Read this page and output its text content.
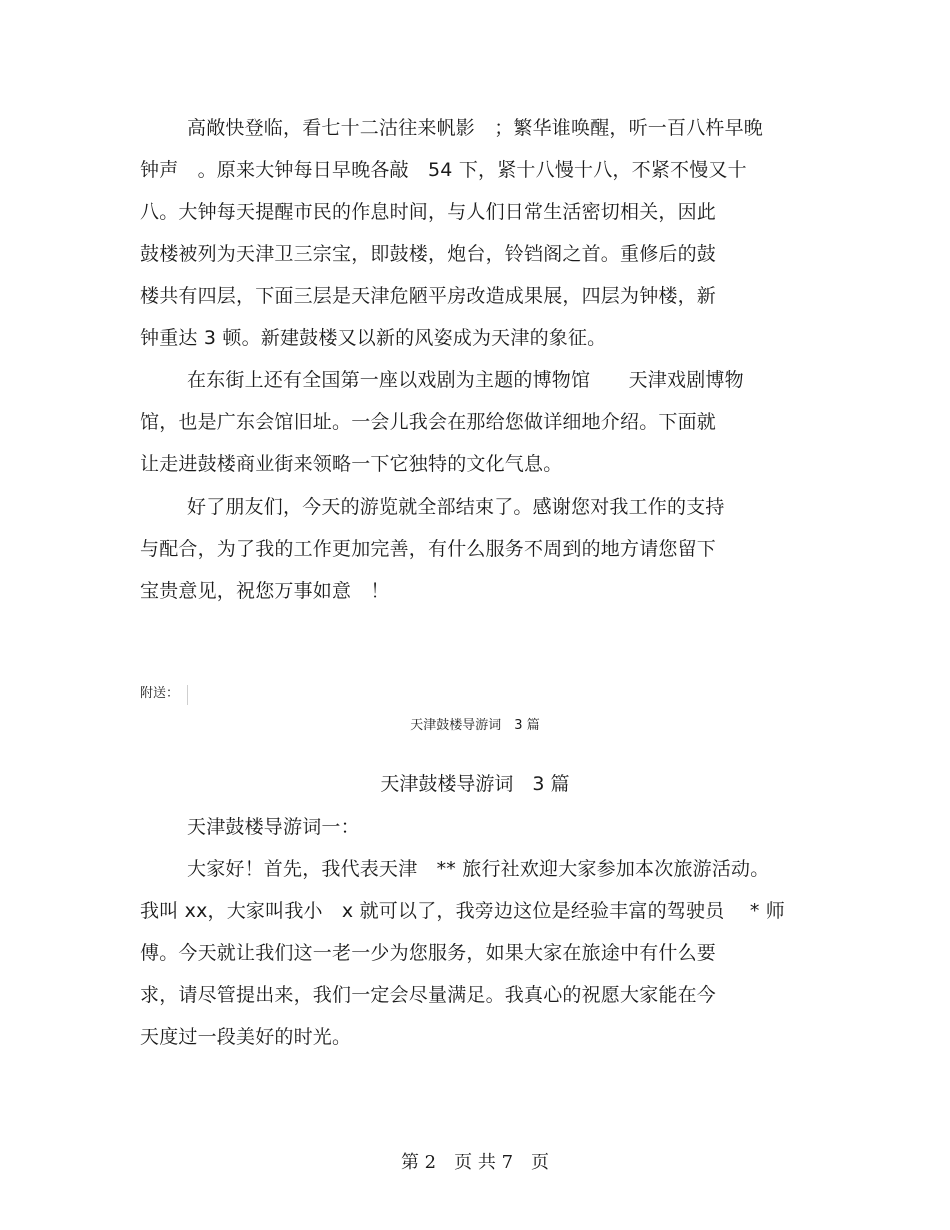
高敞快登临，看七十二沽往来帆影　；繁华谁唤醒，听一百八杵早晚
钟声　。原来大钟每日早晚各敲　54 下，紧十八慢十八，不紧不慢又十
八。大钟每天提醒市民的作息时间，与人们日常生活密切相关，因此
鼓楼被列为天津卫三宗宝，即鼓楼，炮台，铃铛阁之首。重修后的鼓
楼共有四层，下面三层是天津危陋平房改造成果展，四层为钟楼，新
钟重达 3 顿。新建鼓楼又以新的风姿成为天津的象征。
在东街上还有全国第一座以戏剧为主题的博物馆　　天津戏剧博物
馆，也是广东会馆旧址。一会儿我会在那给您做详细地介绍。下面就
让走进鼓楼商业街来领略一下它独特的文化气息。
好了朋友们，今天的游览就全部结束了。感谢您对我工作的支持
与配合，为了我的工作更加完善，有什么服务不周到的地方请您留下
宝贵意见，祝您万事如意　！
附送：
天津鼓楼导游词　3 篇
天津鼓楼导游词　3 篇
天津鼓楼导游词一：
大家好！首先，我代表天津　** 旅行社欢迎大家参加本次旅游活动。
我叫 xx，大家叫我小　x 就可以了，我旁边这位是经验丰富的驾驶员　 * 师
傅。今天就让我们这一老一少为您服务，如果大家在旅途中有什么要
求，请尽管提出来，我们一定会尽量满足。我真心的祝愿大家能在今
天度过一段美好的时光。
第 2　页 共 7　页
